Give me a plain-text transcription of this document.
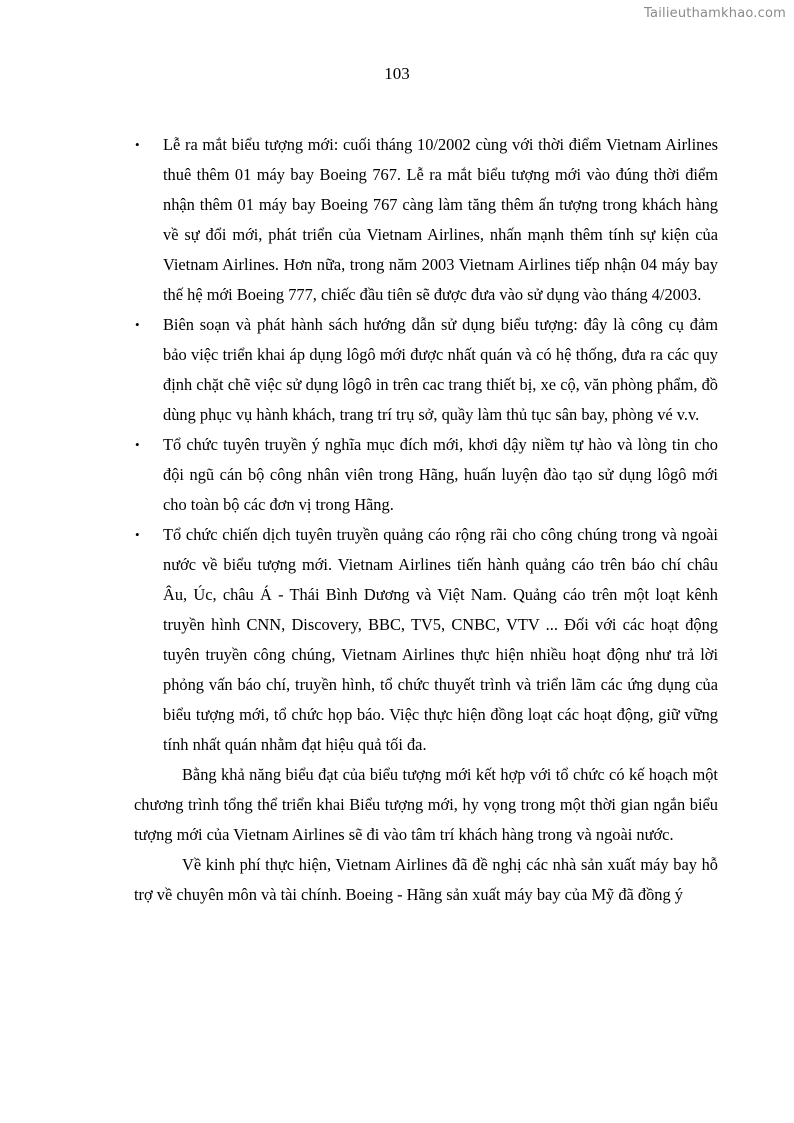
Tailieuthamkhao.com
103
• Lễ ra mắt biểu tượng mới: cuối tháng 10/2002 cùng với thời điểm Vietnam Airlines thuê thêm 01 máy bay Boeing 767. Lễ ra mắt biểu tượng mới vào đúng thời điểm nhận thêm 01 máy bay Boeing 767 càng làm tăng thêm ấn tượng trong khách hàng về sự đổi mới, phát triển của Vietnam Airlines, nhấn mạnh thêm tính sự kiện của Vietnam Airlines. Hơn nữa, trong năm 2003 Vietnam Airlines tiếp nhận 04 máy bay thế hệ mới Boeing 777, chiếc đầu tiên sẽ được đưa vào sử dụng vào tháng 4/2003.
• Biên soạn và phát hành sách hướng dẫn sử dụng biểu tượng: đây là công cụ đảm bảo việc triển khai áp dụng lôgô mới được nhất quán và có hệ thống, đưa ra các quy định chặt chẽ việc sử dụng lôgô in trên cac trang thiết bị, xe cộ, văn phòng phẩm, đồ dùng phục vụ hành khách, trang trí trụ sở, quầy làm thủ tục sân bay, phòng vé v.v.
• Tổ chức tuyên truyền ý nghĩa mục đích mới, khơi dậy niềm tự hào và lòng tin cho đội ngũ cán bộ công nhân viên trong Hãng, huấn luyện đào tạo sử dụng lôgô mới cho toàn bộ các đơn vị trong Hãng.
• Tổ chức chiến dịch tuyên truyền quảng cáo rộng rãi cho công chúng trong và ngoài nước về biểu tượng mới. Vietnam Airlines tiến hành quảng cáo trên báo chí châu Âu, Úc, châu Á - Thái Bình Dương và Việt Nam. Quảng cáo trên một loạt kênh truyền hình CNN, Discovery, BBC, TV5, CNBC, VTV ... Đối với các hoạt động tuyên truyền công chúng, Vietnam Airlines thực hiện nhiều hoạt động như trả lời phỏng vấn báo chí, truyền hình, tổ chức thuyết trình và triển lãm các ứng dụng của biểu tượng mới, tổ chức họp báo. Việc thực hiện đồng loạt các hoạt động, giữ vững tính nhất quán nhằm đạt hiệu quả tối đa.

Bằng khả năng biểu đạt của biểu tượng mới kết hợp với tổ chức có kế hoạch một chương trình tổng thể triển khai Biểu tượng mới, hy vọng trong một thời gian ngắn biểu tượng mới của Vietnam Airlines sẽ đi vào tâm trí khách hàng trong và ngoài nước.

Về kinh phí thực hiện, Vietnam Airlines đã đề nghị các nhà sản xuất máy bay hỗ trợ về chuyên môn và tài chính. Boeing - Hãng sản xuất máy bay của Mỹ đã đồng ý
